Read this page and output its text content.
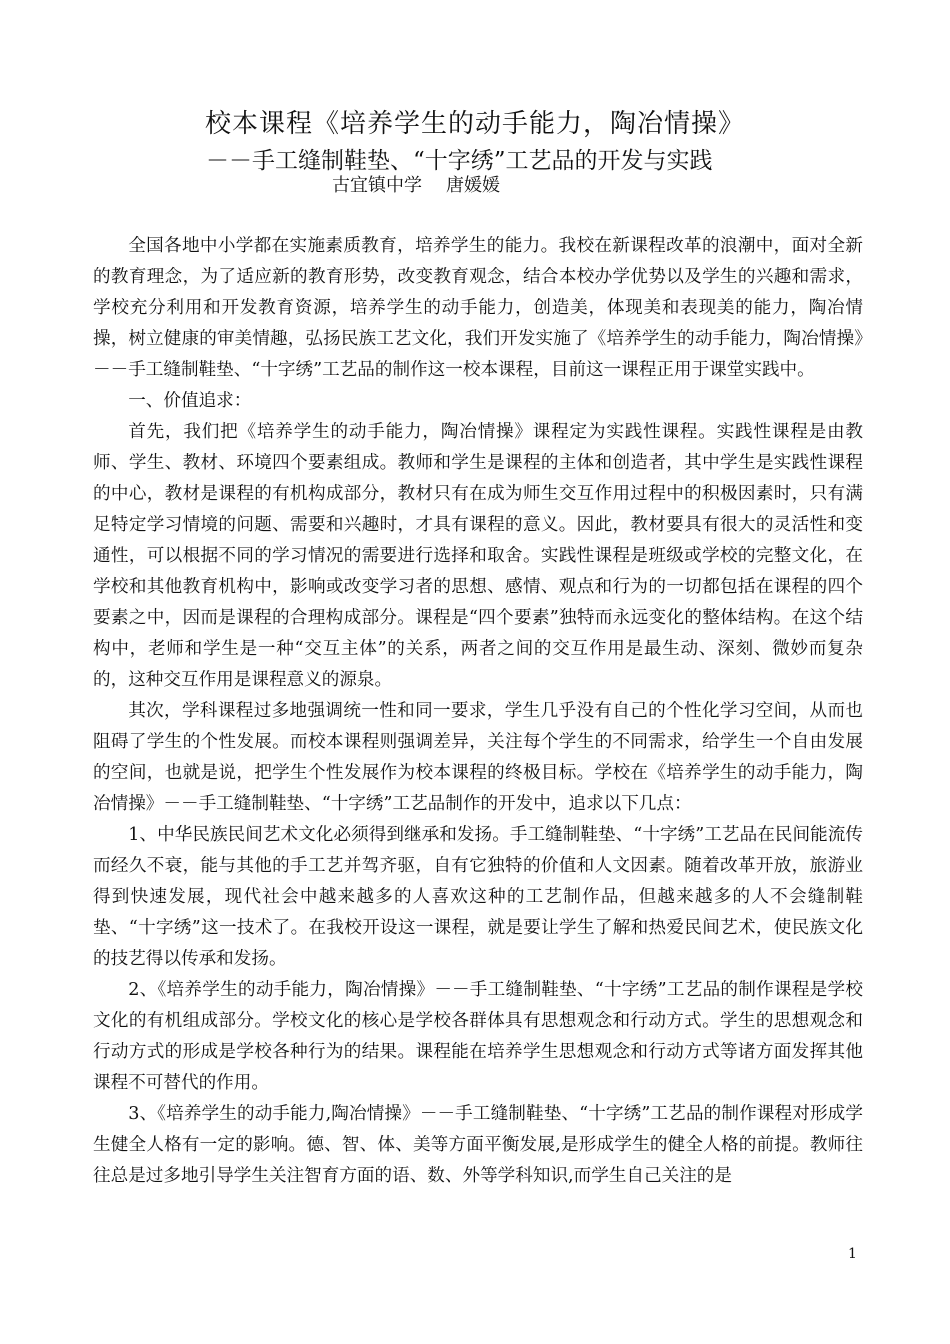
校本课程《培养学生的动手能力，陶冶情操》
－－手工缝制鞋垫、“十字绣”工艺品的开发与实践
古宜镇中学 唐媛媛

全国各地中小学都在实施素质教育，培养学生的能力。我校在新课程改革的浪潮中，面对全新的教育理念，为了适应新的教育形势，改变教育观念，结合本校办学优势以及学生的兴趣和需求，学校充分利用和开发教育资源，培养学生的动手能力，创造美，体现美和表现美的能力，陶冶情操，树立健康的审美情趣，弘扬民族工艺文化，我们开发实施了《培养学生的动手能力，陶冶情操》－－手工缝制鞋垫、“十字绣”工艺品的制作这一校本课程，目前这一课程正用于课堂实践中。

一、价值追求：

首先，我们把《培养学生的动手能力，陶冶情操》课程定为实践性课程。实践性课程是由教师、学生、教材、环境四个要素组成。教师和学生是课程的主体和创造者，其中学生是实践性课程的中心，教材是课程的有机构成部分，教材只有在成为师生交互作用过程中的积极因素时，只有满足特定学习情境的问题、需要和兴趣时，才具有课程的意义。因此，教材要具有很大的灵活性和变通性，可以根据不同的学习情况的需要进行选择和取舍。实践性课程是班级或学校的完整文化，在学校和其他教育机构中，影响或改变学习者的思想、感情、观点和行为的一切都包括在课程的四个要素之中，因而是课程的合理构成部分。课程是“四个要素”独特而永远变化的整体结构。在这个结构中，老师和学生是一种“交互主体”的关系，两者之间的交互作用是最生动、深刻、微妙而复杂的，这种交互作用是课程意义的源泉。

其次，学科课程过多地强调统一性和同一要求，学生几乎没有自己的个性化学习空间，从而也阻碍了学生的个性发展。而校本课程则强调差异，关注每个学生的不同需求，给学生一个自由发展的空间，也就是说，把学生个性发展作为校本课程的终极目标。学校在《培养学生的动手能力，陶冶情操》－－手工缝制鞋垫、“十字绣”工艺品制作的开发中，追求以下几点：

1、中华民族民间艺术文化必须得到继承和发扬。手工缝制鞋垫、“十字绣”工艺品在民间能流传而经久不衰，能与其他的手工艺并驾齐驱，自有它独特的价值和人文因素。随着改革开放，旅游业得到快速发展，现代社会中越来越多的人喜欢这种的工艺制作品，但越来越多的人不会缝制鞋垫、“十字绣”这一技术了。在我校开设这一课程，就是要让学生了解和热爱民间艺术，使民族文化的技艺得以传承和发扬。

2、《培养学生的动手能力，陶冶情操》－－手工缝制鞋垫、“十字绣”工艺品的制作课程是学校文化的有机组成部分。学校文化的核心是学校各群体具有思想观念和行动方式。学生的思想观念和行动方式的形成是学校各种行为的结果。课程能在培养学生思想观念和行动方式等诸方面发挥其他课程不可替代的作用。

3、《培养学生的动手能力,陶冶情操》－－手工缝制鞋垫、“十字绣”工艺品的制作课程对形成学生健全人格有一定的影响。德、智、体、美等方面平衡发展,是形成学生的健全人格的前提。教师往往总是过多地引导学生关注智育方面的语、数、外等学科知识,而学生自己关注的是

1
